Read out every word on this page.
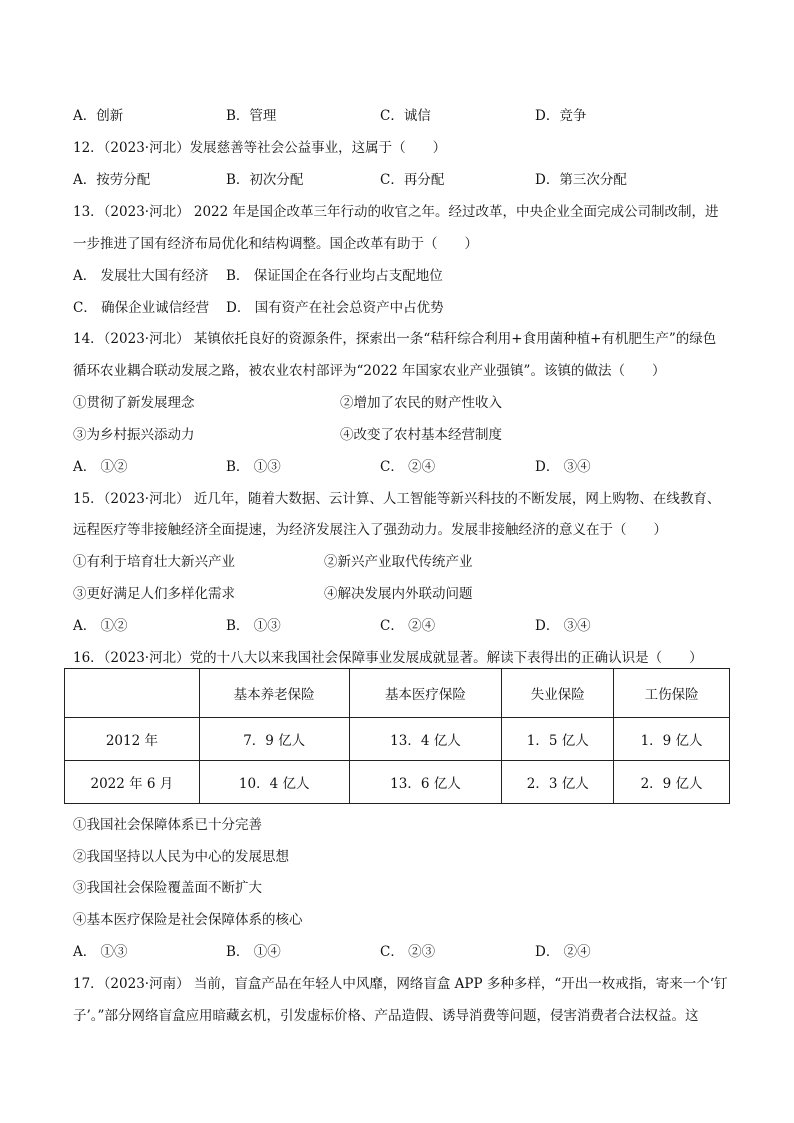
A．创新	B．管理	C．诚信	D．竞争
12．（2023·河北）发展慈善等社会公益事业，这属于（　　）
A．按劳分配	B．初次分配	C．再分配	D．第三次分配
13．（2023·河北） 2022 年是国企改革三年行动的收官之年。经过改革，中央企业全面完成公司制改制，进
一步推进了国有经济布局优化和结构调整。国企改革有助于（　　）
A． 发展壮大国有经济 B． 保证国企在各行业均占支配地位
C． 确保企业诚信经营 D． 国有资产在社会总资产中占优势
14．（2023·河北） 某镇依托良好的资源条件，探索出一条“秸秆综合利用+食用菌种植+有机肥生产”的绿色
循环农业耦合联动发展之路，被农业农村部评为“2022 年国家农业产业强镇”。该镇的做法（　　）
①贯彻了新发展理念	②增加了农民的财产性收入
③为乡村振兴添动力	④改变了农村基本经营制度
A． ①②	B． ①③	C． ②④	D． ③④
15．（2023·河北） 近几年，随着大数据、云计算、人工智能等新兴科技的不断发展，网上购物、在线教育、
远程医疗等非接触经济全面提速，为经济发展注入了强劲动力。发展非接触经济的意义在于（　　）
①有利于培育壮大新兴产业	②新兴产业取代传统产业
③更好满足人们多样化需求	④解决发展内外联动问题
A． ①②	B． ①③	C． ②④	D． ③④
16．（2023·河北）党的十八大以来我国社会保障事业发展成就显著。解读下表得出的正确认识是（　　）
	基本养老保险	基本医疗保险	失业保险	工伤保险
2012 年	7．9 亿人	13．4 亿人	1．5 亿人	1．9 亿人
2022 年 6 月	10．4 亿人	13．6 亿人	2．3 亿人	2．9 亿人
①我国社会保障体系已十分完善
②我国坚持以人民为中心的发展思想
③我国社会保险覆盖面不断扩大
④基本医疗保险是社会保障体系的核心
A． ①③	B． ①④	C． ②③	D． ②④
17．（2023·河南） 当前，盲盒产品在年轻人中风靡，网络盲盒 APP 多种多样，“开出一枚戒指，寄来一个‘钉
子’。”部分网络盲盒应用暗藏玄机，引发虚标价格、产品造假、诱导消费等问题，侵害消费者合法权益。这
